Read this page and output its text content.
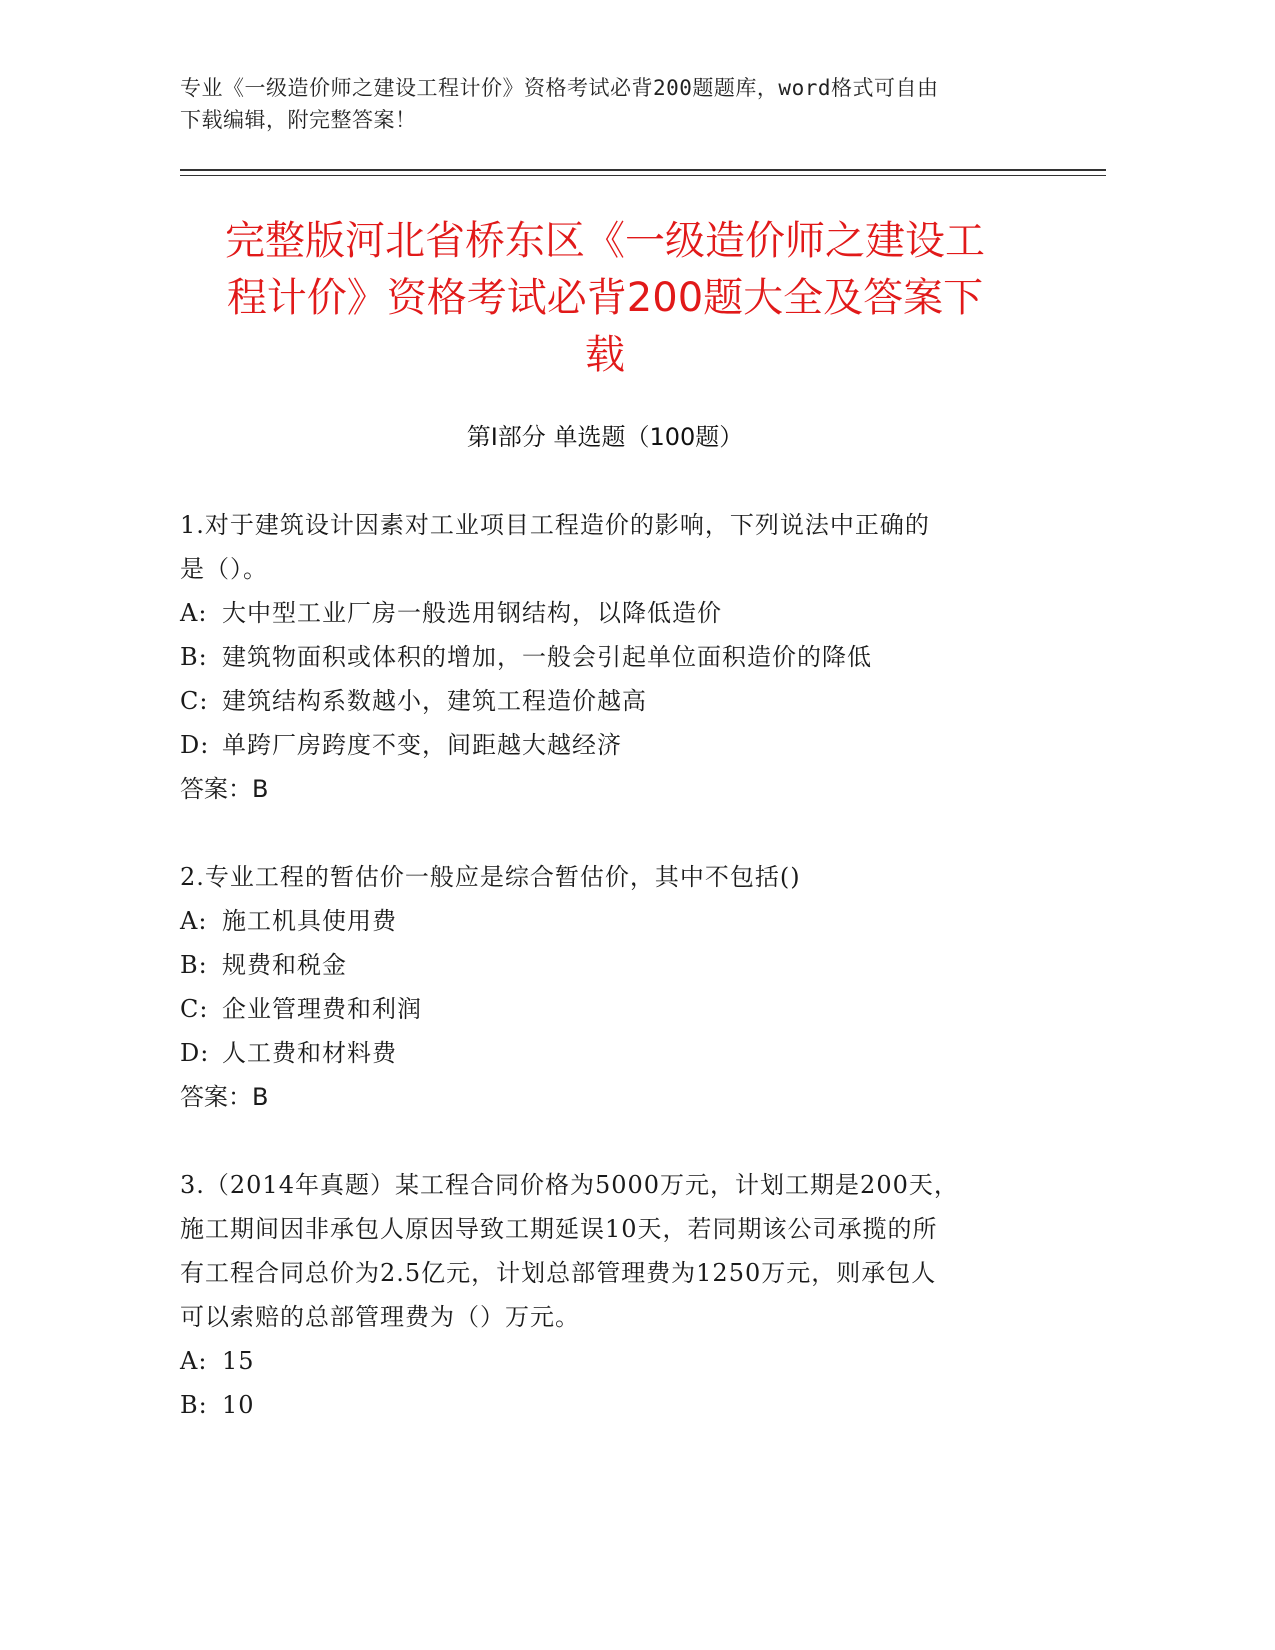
专业《一级造价师之建设工程计价》资格考试必背200题题库，word格式可自由
下载编辑，附完整答案！
完整版河北省桥东区《一级造价师之建设工
程计价》资格考试必背200题大全及答案下
载
第Ⅰ部分 单选题（100题）
1.对于建筑设计因素对工业项目工程造价的影响，下列说法中正确的
是（）。
A: 大中型工业厂房一般选用钢结构，以降低造价
B: 建筑物面积或体积的增加，一般会引起单位面积造价的降低
C: 建筑结构系数越小，建筑工程造价越高
D: 单跨厂房跨度不变，间距越大越经济
答案：B
2.专业工程的暂估价一般应是综合暂估价，其中不包括()
A: 施工机具使用费
B: 规费和税金
C: 企业管理费和利润
D: 人工费和材料费
答案：B
3.（2014年真题）某工程合同价格为5000万元，计划工期是200天，
施工期间因非承包人原因导致工期延误10天，若同期该公司承揽的所
有工程合同总价为2.5亿元，计划总部管理费为1250万元，则承包人
可以索赔的总部管理费为（）万元。
A: 15
B: 10
